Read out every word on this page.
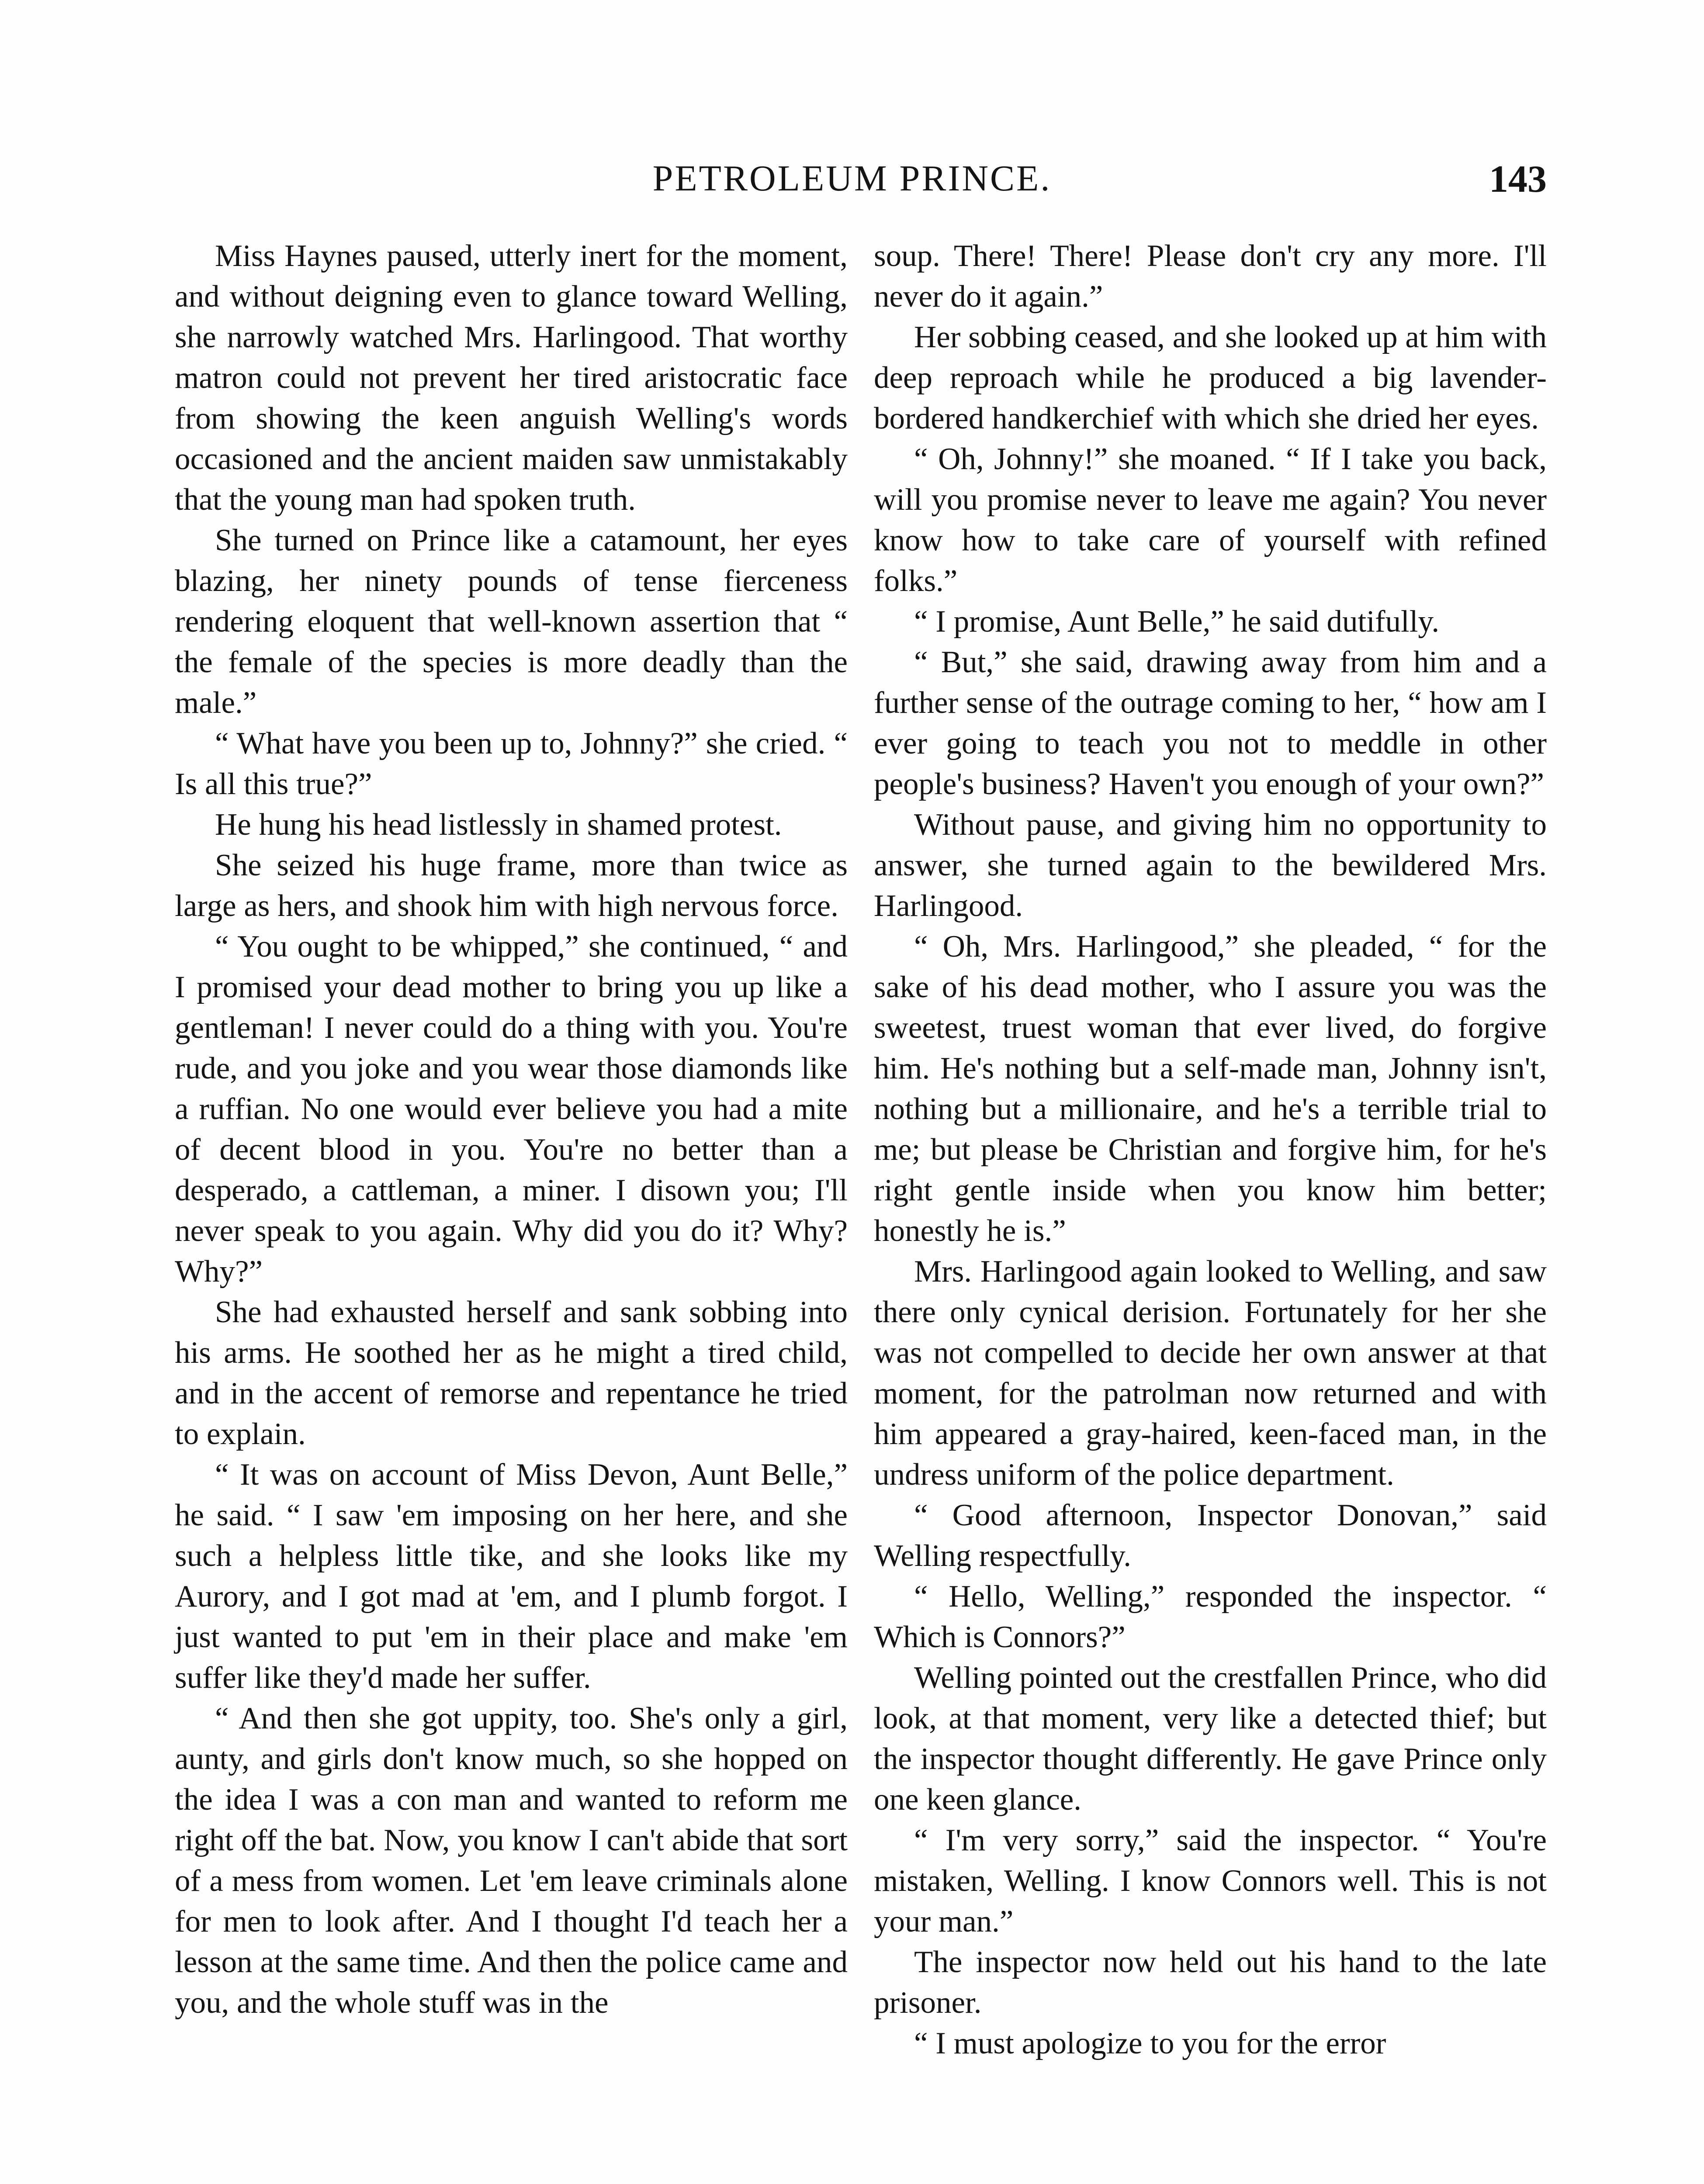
PETROLEUM PRINCE.	143

Miss Haynes paused, utterly inert for the moment, and without deigning even to glance toward Welling, she narrowly watched Mrs. Harlingood. That worthy matron could not prevent her tired aristocratic face from showing the keen anguish Welling's words occasioned and the ancient maiden saw unmistakably that the young man had spoken truth.

She turned on Prince like a catamount, her eyes blazing, her ninety pounds of tense fierceness rendering eloquent that well-known assertion that “ the female of the species is more deadly than the male.”

“ What have you been up to, Johnny?” she cried. “ Is all this true?”

He hung his head listlessly in shamed protest.

She seized his huge frame, more than twice as large as hers, and shook him with high nervous force.

“ You ought to be whipped,” she continued, “ and I promised your dead mother to bring you up like a gentleman! I never could do a thing with you. You're rude, and you joke and you wear those diamonds like a ruffian. No one would ever believe you had a mite of decent blood in you. You're no better than a desperado, a cattleman, a miner. I disown you; I'll never speak to you again. Why did you do it? Why? Why?”

She had exhausted herself and sank sobbing into his arms. He soothed her as he might a tired child, and in the accent of remorse and repentance he tried to explain.

“ It was on account of Miss Devon, Aunt Belle,” he said. “ I saw 'em imposing on her here, and she such a helpless little tike, and she looks like my Aurory, and I got mad at 'em, and I plumb forgot. I just wanted to put 'em in their place and make 'em suffer like they'd made her suffer.

“ And then she got uppity, too. She's only a girl, aunty, and girls don't know much, so she hopped on the idea I was a con man and wanted to reform me right off the bat. Now, you know I can't abide that sort of a mess from women. Let 'em leave criminals alone for men to look after. And I thought I'd teach her a lesson at the same time. And then the police came and you, and the whole stuff was in the

soup. There! There! Please don't cry any more. I'll never do it again.”

Her sobbing ceased, and she looked up at him with deep reproach while he produced a big lavender-bordered handkerchief with which she dried her eyes.

“ Oh, Johnny!” she moaned. “ If I take you back, will you promise never to leave me again? You never know how to take care of yourself with refined folks.”

“ I promise, Aunt Belle,” he said dutifully.

“ But,” she said, drawing away from him and a further sense of the outrage coming to her, “ how am I ever going to teach you not to meddle in other people's business? Haven't you enough of your own?”

Without pause, and giving him no opportunity to answer, she turned again to the bewildered Mrs. Harlingood.

“ Oh, Mrs. Harlingood,” she pleaded, “ for the sake of his dead mother, who I assure you was the sweetest, truest woman that ever lived, do forgive him. He's nothing but a self-made man, Johnny isn't, nothing but a millionaire, and he's a terrible trial to me; but please be Christian and forgive him, for he's right gentle inside when you know him better; honestly he is.”

Mrs. Harlingood again looked to Welling, and saw there only cynical derision. Fortunately for her she was not compelled to decide her own answer at that moment, for the patrolman now returned and with him appeared a gray-haired, keen-faced man, in the undress uniform of the police department.

“ Good afternoon, Inspector Donovan,” said Welling respectfully.

“ Hello, Welling,” responded the inspector. “ Which is Connors?”

Welling pointed out the crestfallen Prince, who did look, at that moment, very like a detected thief; but the inspector thought differently. He gave Prince only one keen glance.

“ I'm very sorry,” said the inspector. “ You're mistaken, Welling. I know Connors well. This is not your man.”

The inspector now held out his hand to the late prisoner.

“ I must apologize to you for the error
